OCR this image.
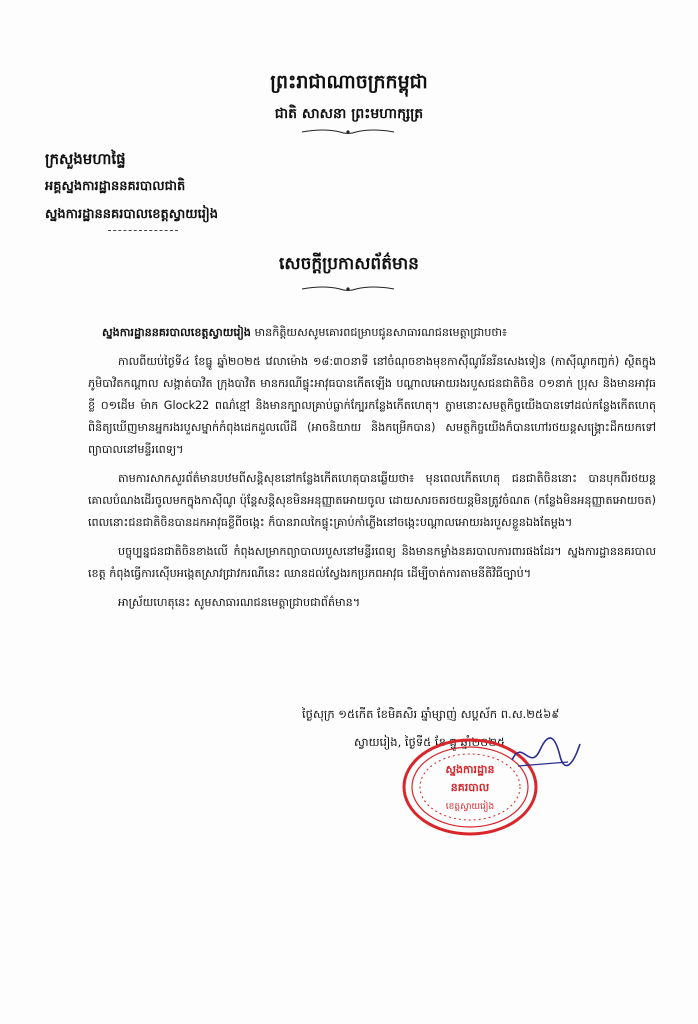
ព្រះរាជាណាចក្រកម្ពុជា
ជាតិ សាសនា ព្រះមហាក្សត្រ
ក្រសួងមហាផ្ទៃ
អគ្គស្នងការដ្ឋាននគរបាលជាតិ
ស្នងការដ្ឋាននគរបាលខេត្តស្វាយរៀង
សេចក្តីប្រកាសព័ត៌មាន

ស្នងការដ្ឋាននគរបាលខេត្តស្វាយរៀង មានកិត្តិយសសូមគោរពជម្រាបជូនសាធារណជនមេត្តាជ្រាបថា៖

កាលពីយប់ថ្ងៃទី៤ ខែធ្នូ ឆ្នាំ២០២៥ វេលាម៉ោង ១៨:៣០នាទី នៅចំណុចខាងមុខកាស៊ីណូរីនរីនសេងទៀន (កាស៊ីណូកញ្ចក់) ស្ថិតក្នុងភូមិបាវិតកណ្តាល សង្កាត់បាវិត ក្រុងបាវិត មានករណីផ្ទុះអាវុធបានកើតឡើង បណ្តាលអោយរងរបួសជនជាតិចិន ០១នាក់ ប្រុស និងមានអាវុធខ្លី ០១ដើម ម៉ាក Glock22 ពណ៌ខ្មៅ និងមានក្បាលគ្រាប់ធ្លាក់ក្បែរកន្លែងកើតហេតុ។ ភ្លាមនោះសមត្ថកិច្ចយើងបានទៅដល់កន្លែងកើតហេតុ ពិនិត្យឃើញមានអ្នករងរបួសម្នាក់កំពុងដេកដួលលើដី (អាចនិយាយ និងកម្រើកបាន) សមត្ថកិច្ចយើងក៏បានហៅរថយន្តសង្គ្រោះដឹកយកទៅព្យាបាលនៅមន្ទីរពេទ្យ។

តាមការសាកសួរព័ត៌មានបឋមពីសន្តិសុខនៅកន្លែងកើតហេតុបានឆ្លើយថា៖ មុនពេលកើតហេតុ ជនជាតិចិននោះ បានបុកពីរថយន្តគោលបំណងដើរចូលមកក្នុងកាស៊ីណូ ប៉ុន្តែសន្តិសុខមិនអនុញ្ញាតអោយចូល ដោយសារចតរថយន្តមិនត្រូវចំណត (កន្លែងមិនអនុញ្ញាតអោយចត) ពេលនោះជនជាតិចិនបានដកអាវុធខ្លីពីចង្កេះ ក៏បានរាលកៃផ្ទុះគ្រាប់កាំភ្លើងនៅចង្កេះបណ្តាលអោយរងរបួសខ្លួនឯងតែម្តង។

បច្ចុប្បន្នជនជាតិចិនខាងលើ កំពុងសម្រាកព្យាបាលរបួសនៅមន្ទីរពេទ្យ និងមានកម្លាំងនគរបាលការពារផងដែរ។ ស្នងការដ្ឋាននគរបាលខេត្ត កំពុងធ្វើការស៊ើបអង្កេតស្រាវជ្រាវករណីនេះ ឈានដល់ស្វែងរកប្រភពអាវុធ ដើម្បីចាត់ការតាមនីតិវិធីច្បាប់។

អាស្រ័យហេតុនេះ សូមសាធារណជនមេត្តាជ្រាបជាព័ត៌មាន។

ថ្ងៃសុក្រ ១៥កើត ខែមិគសិរ ឆ្នាំម្សាញ់ សប្តស័ក ព.ស.២៥៦៩
ស្វាយរៀង, ថ្ងៃទី៥ ខែ ធ្នូ ឆ្នាំ២០២៥
ស្នងការដ្ឋាន
នគរបាល
ខេត្តស្វាយរៀង
